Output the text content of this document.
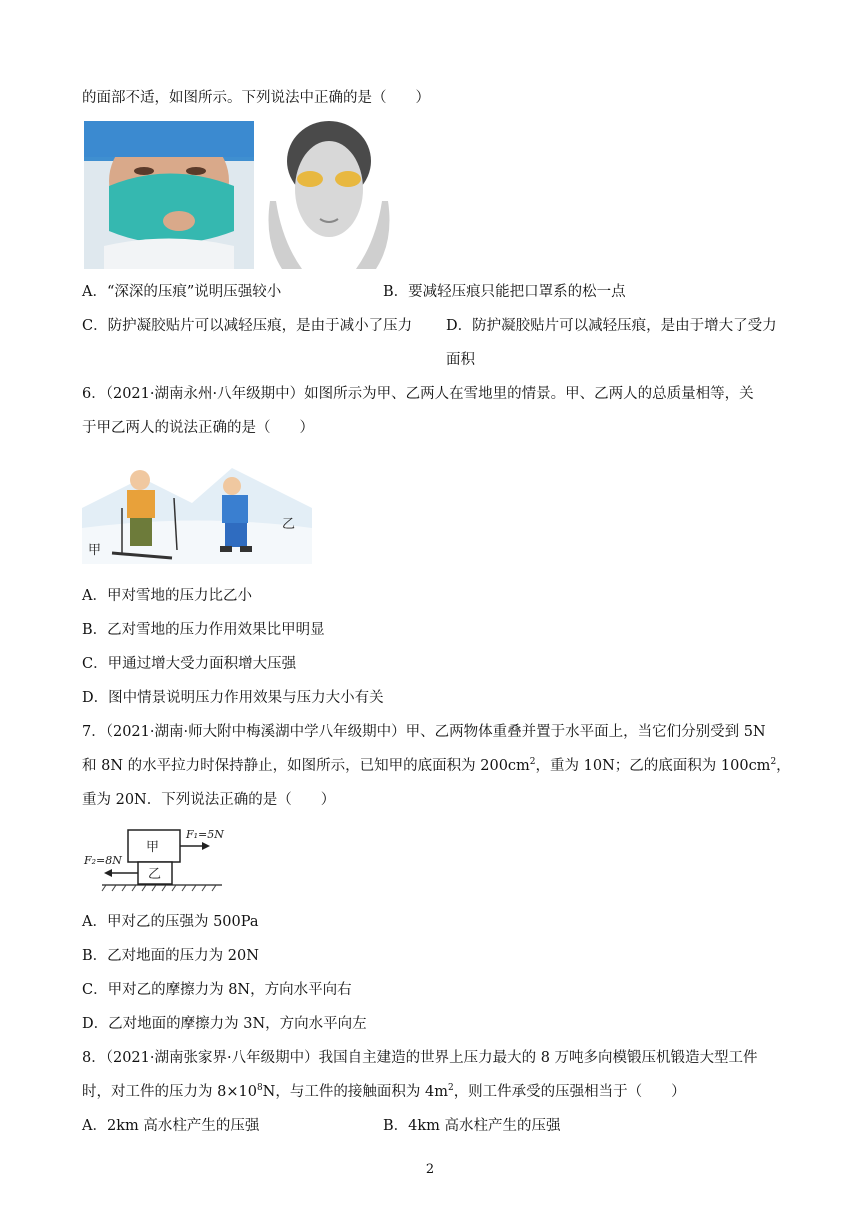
的面部不适，如图所示。下列说法中正确的是（　　）
A．“深深的压痕”说明压强较小	B．要减轻压痕只能把口罩系的松一点
C．防护凝胶贴片可以减轻压痕，是由于减小了压力 D．防护凝胶贴片可以减轻压痕，是由于增大了受力面积
6．（2021·湖南永州·八年级期中）如图所示为甲、乙两人在雪地里的情景。甲、乙两人的总质量相等，关
于甲乙两人的说法正确的是（　　）
乙
甲
A．甲对雪地的压力比乙小
B．乙对雪地的压力作用效果比甲明显
C．甲通过增大受力面积增大压强
D．图中情景说明压力作用效果与压力大小有关
7．（2021·湖南·师大附中梅溪湖中学八年级期中）甲、乙两物体重叠并置于水平面上，当它们分别受到 5N
和 8N 的水平拉力时保持静止，如图所示，已知甲的底面积为 $200cm^2$，重为 10N；乙的底面积为 $100cm^2$，
重为 20N．下列说法正确的是（　　）
甲
乙
F₁=5N
F₂=8N
A．甲对乙的压强为 500Pa
B．乙对地面的压力为 20N
C．甲对乙的摩擦力为 8N，方向水平向右
D．乙对地面的摩擦力为 3N，方向水平向左
8．（2021·湖南张家界·八年级期中）我国自主建造的世界上压力最大的 8 万吨多向模锻压机锻造大型工件
时，对工件的压力为 $8\times 10^8N$，与工件的接触面积为 $4m^2$，则工件承受的压强相当于（　　）
A．2km 高水柱产生的压强	B．4km 高水柱产生的压强
2
